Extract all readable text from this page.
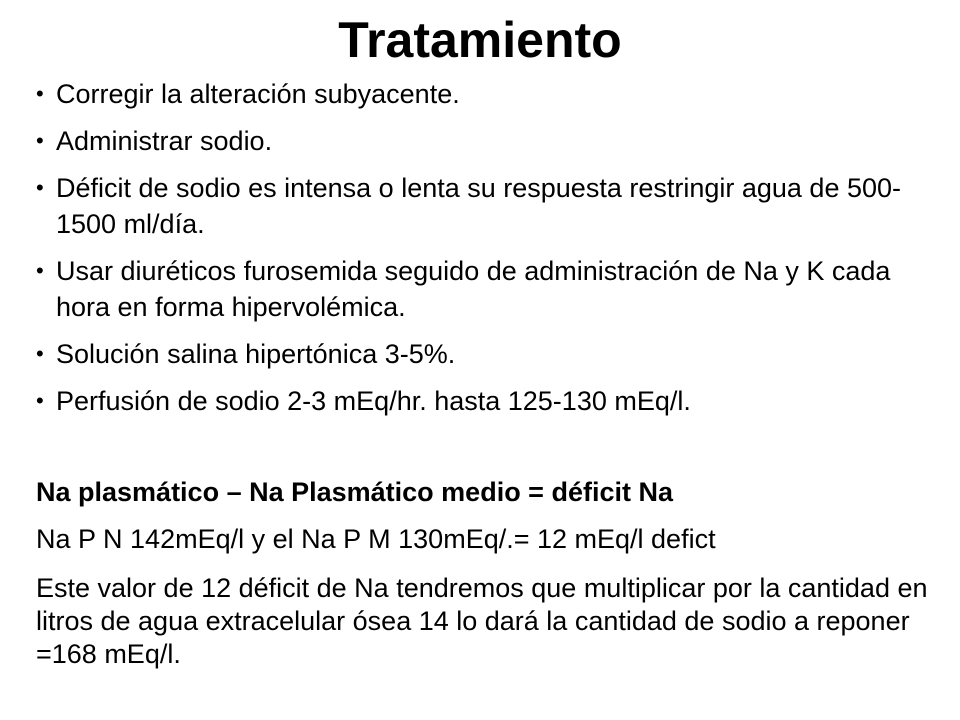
Tratamiento
• Corregir la alteración subyacente.
• Administrar sodio.
• Déficit de sodio es intensa o lenta su respuesta restringir agua de 500-1500 ml/día.
• Usar diuréticos furosemida seguido de administración de Na y K cada hora en forma hipervolémica.
• Solución salina hipertónica 3-5%.
• Perfusión de sodio 2-3 mEq/hr. hasta 125-130 mEq/l.
Na plasmático – Na Plasmático medio = déficit Na
Na P N 142mEq/l y el Na P M 130mEq/.= 12 mEq/l defict
Este valor de 12 déficit de Na tendremos que multiplicar por la cantidad en litros de agua extracelular ósea 14 lo dará la cantidad de sodio a reponer =168 mEq/l.
